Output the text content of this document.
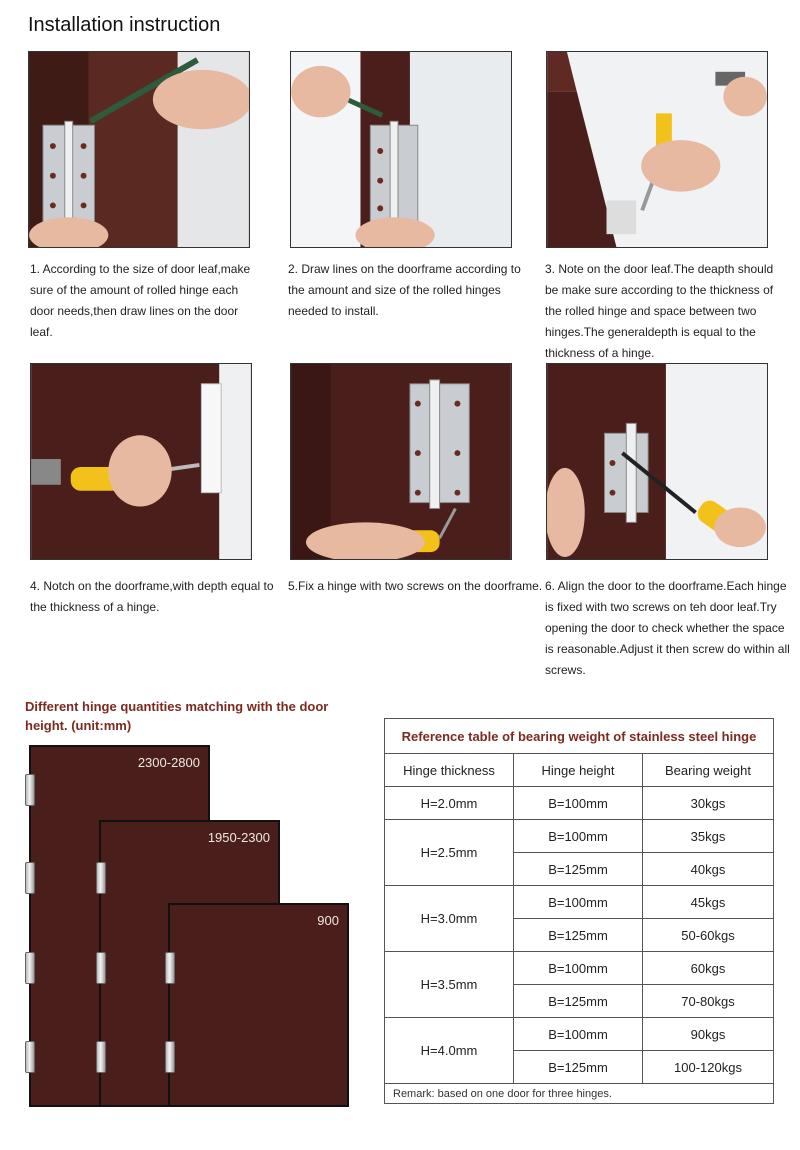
Installation instruction
1. According to the size of door leaf,make sure of the amount of rolled hinge each door needs,then draw lines on the door leaf.
2. Draw lines on the doorframe according to the amount and size of the rolled hinges needed to install.
3. Note on the door leaf.The deapth should be make sure according to the thickness of the rolled hinge and space between two hinges.The generaldepth is equal to the thickness of a hinge.
4. Notch on the doorframe,with depth equal to the thickness of a hinge.
5.Fix a hinge with two screws on the doorframe. 6. Align the door to the doorframe.Each hinge is fixed with two screws on teh door leaf.Try opening the door to check whether the space is reasonable.Adjust it then screw do within all screws.
Different hinge quantities matching with the door height. (unit:mm)
2300-2800
1950-2300
900
Reference table of bearing weight of stainless steel hinge		
Hinge thickness	Hinge height	Bearing weight
H=2.0mm	B=100mm	30kgs
H=2.5mm	B=100mm	35kgs
	B=125mm	40kgs
H=3.0mm	B=100mm	45kgs
	B=125mm	50-60kgs
H=3.5mm	B=100mm	60kgs
	B=125mm	70-80kgs
H=4.0mm	B=100mm	90kgs
	B=125mm	100-120kgs
Remark: based on one door for three hinges.		
